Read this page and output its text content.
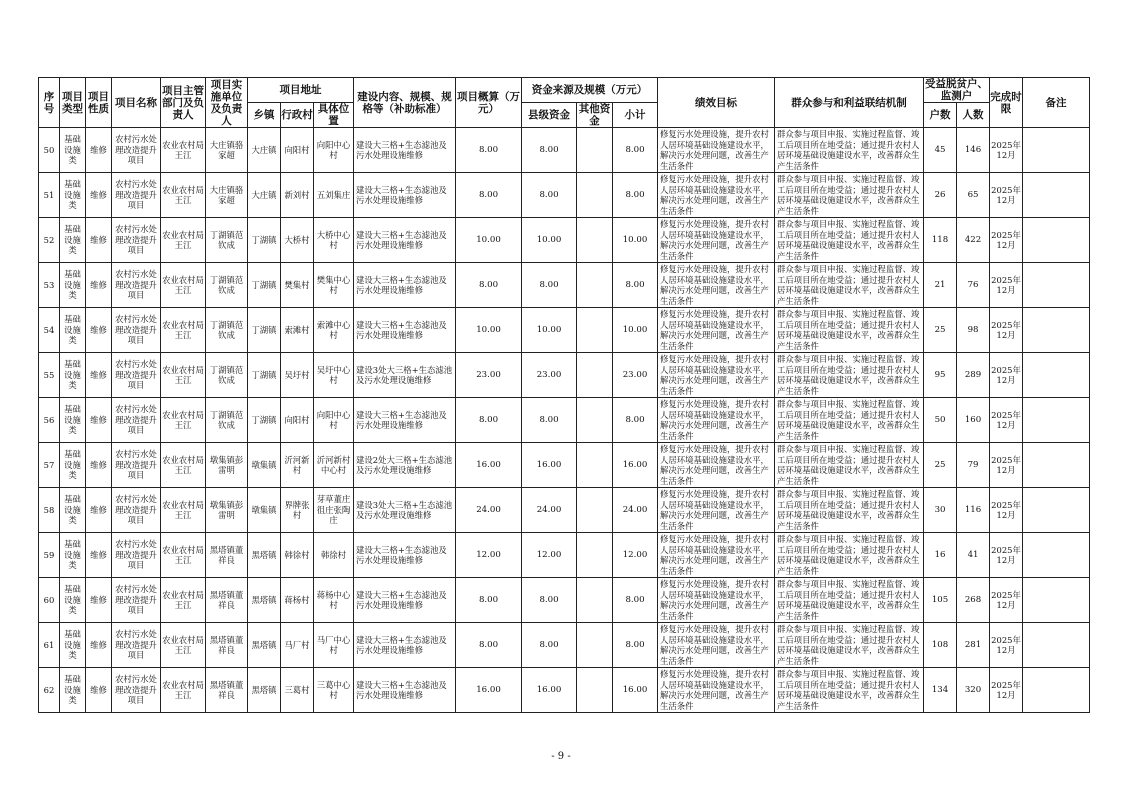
序号	项目类型	项目性质	项目名称	项目主管部门及负责人	项目实施单位及负责人	项目地址			建设内容、规模、规格等（补助标准）	项目概算（万元）	资金来源及规模（万元）			绩效目标	群众参与和利益联结机制	受益脱贫户、监测户		完成时限	备注
						乡镇	行政村	具体位置			县级资金	其他资金	小计			户数	人数		
50	基础设施类	维修	农村污水处理改造提升项目	农业农村局王江	大庄镇骆家超	大庄镇	向阳村	向阳中心村	建设大三格+生态滤池及污水处理设施维修	8.00	8.00		8.00	修复污水处理设施，提升农村人居环境基础设施建设水平，解决污水处理问题，改善生产生活条件	群众参与项目申报、实施过程监督、竣工后项目所在地受益；通过提升农村人居环境基础设施建设水平，改善群众生产生活条件	45	146	2025年12月	
51	基础设施类	维修	农村污水处理改造提升项目	农业农村局王江	大庄镇骆家超	大庄镇	新刘村	五刘集庄	建设大三格+生态滤池及污水处理设施维修	8.00	8.00		8.00	修复污水处理设施，提升农村人居环境基础设施建设水平，解决污水处理问题，改善生产生活条件	群众参与项目申报、实施过程监督、竣工后项目所在地受益；通过提升农村人居环境基础设施建设水平，改善群众生产生活条件	26	65	2025年12月	
52	基础设施类	维修	农村污水处理改造提升项目	农业农村局王江	丁湖镇范钦成	丁湖镇	大桥村	大桥中心村	建设大三格+生态滤池及污水处理设施维修	10.00	10.00		10.00	修复污水处理设施，提升农村人居环境基础设施建设水平，解决污水处理问题，改善生产生活条件	群众参与项目申报、实施过程监督、竣工后项目所在地受益；通过提升农村人居环境基础设施建设水平，改善群众生产生活条件	118	422	2025年12月	
53	基础设施类	维修	农村污水处理改造提升项目	农业农村局王江	丁湖镇范钦成	丁湖镇	樊集村	樊集中心村	建设大三格+生态滤池及污水处理设施维修	8.00	8.00		8.00	修复污水处理设施，提升农村人居环境基础设施建设水平，解决污水处理问题，改善生产生活条件	群众参与项目申报、实施过程监督、竣工后项目所在地受益；通过提升农村人居环境基础设施建设水平，改善群众生产生活条件	21	76	2025年12月	
54	基础设施类	维修	农村污水处理改造提升项目	农业农村局王江	丁湖镇范钦成	丁湖镇	索滩村	索滩中心村	建设大三格+生态滤池及污水处理设施维修	10.00	10.00		10.00	修复污水处理设施，提升农村人居环境基础设施建设水平，解决污水处理问题，改善生产生活条件	群众参与项目申报、实施过程监督、竣工后项目所在地受益；通过提升农村人居环境基础设施建设水平，改善群众生产生活条件	25	98	2025年12月	
55	基础设施类	维修	农村污水处理改造提升项目	农业农村局王江	丁湖镇范钦成	丁湖镇	吴圩村	吴圩中心村	建设3处大三格+生态滤池及污水处理设施维修	23.00	23.00		23.00	修复污水处理设施，提升农村人居环境基础设施建设水平，解决污水处理问题，改善生产生活条件	群众参与项目申报、实施过程监督、竣工后项目所在地受益；通过提升农村人居环境基础设施建设水平，改善群众生产生活条件	95	289	2025年12月	
56	基础设施类	维修	农村污水处理改造提升项目	农业农村局王江	丁湖镇范钦成	丁湖镇	向阳村	向阳中心村	建设大三格+生态滤池及污水处理设施维修	8.00	8.00		8.00	修复污水处理设施，提升农村人居环境基础设施建设水平，解决污水处理问题，改善生产生活条件	群众参与项目申报、实施过程监督、竣工后项目所在地受益；通过提升农村人居环境基础设施建设水平，改善群众生产生活条件	50	160	2025年12月	
57	基础设施类	维修	农村污水处理改造提升项目	农业农村局王江	墩集镇彭雷明	墩集镇	沂河新村	沂河新村中心村	建设2处大三格+生态滤池及污水处理设施维修	16.00	16.00		16.00	修复污水处理设施，提升农村人居环境基础设施建设水平，解决污水处理问题，改善生产生活条件	群众参与项目申报、实施过程监督、竣工后项目所在地受益；通过提升农村人居环境基础设施建设水平，改善群众生产生活条件	25	79	2025年12月	
58	基础设施类	维修	农村污水处理改造提升项目	农业农村局王江	墩集镇彭雷明	墩集镇	界牌张村	芽草董庄徂庄张陶庄	建设3处大三格+生态滤池及污水处理设施维修	24.00	24.00		24.00	修复污水处理设施，提升农村人居环境基础设施建设水平，解决污水处理问题，改善生产生活条件	群众参与项目申报、实施过程监督、竣工后项目所在地受益；通过提升农村人居环境基础设施建设水平，改善群众生产生活条件	30	116	2025年12月	
59	基础设施类	维修	农村污水处理改造提升项目	农业农村局王江	黑塔镇董祥良	黑塔镇	韩徐村	韩徐村	建设大三格+生态滤池及污水处理设施维修	12.00	12.00		12.00	修复污水处理设施，提升农村人居环境基础设施建设水平，解决污水处理问题，改善生产生活条件	群众参与项目申报、实施过程监督、竣工后项目所在地受益；通过提升农村人居环境基础设施建设水平，改善群众生产生活条件	16	41	2025年12月	
60	基础设施类	维修	农村污水处理改造提升项目	农业农村局王江	黑塔镇董祥良	黑塔镇	蒋杨村	蒋杨中心村	建设大三格+生态滤池及污水处理设施维修	8.00	8.00		8.00	修复污水处理设施，提升农村人居环境基础设施建设水平，解决污水处理问题，改善生产生活条件	群众参与项目申报、实施过程监督、竣工后项目所在地受益；通过提升农村人居环境基础设施建设水平，改善群众生产生活条件	105	268	2025年12月	
61	基础设施类	维修	农村污水处理改造提升项目	农业农村局王江	黑塔镇董祥良	黑塔镇	马厂村	马厂中心村	建设大三格+生态滤池及污水处理设施维修	8.00	8.00		8.00	修复污水处理设施，提升农村人居环境基础设施建设水平，解决污水处理问题，改善生产生活条件	群众参与项目申报、实施过程监督、竣工后项目所在地受益；通过提升农村人居环境基础设施建设水平，改善群众生产生活条件	108	281	2025年12月	
62	基础设施类	维修	农村污水处理改造提升项目	农业农村局王江	黑塔镇董祥良	黑塔镇	三葛村	三葛中心村	建设大三格+生态滤池及污水处理设施维修	16.00	16.00		16.00	修复污水处理设施，提升农村人居环境基础设施建设水平，解决污水处理问题，改善生产生活条件	群众参与项目申报、实施过程监督、竣工后项目所在地受益；通过提升农村人居环境基础设施建设水平，改善群众生产生活条件	134	320	2025年12月	
- 9 -
